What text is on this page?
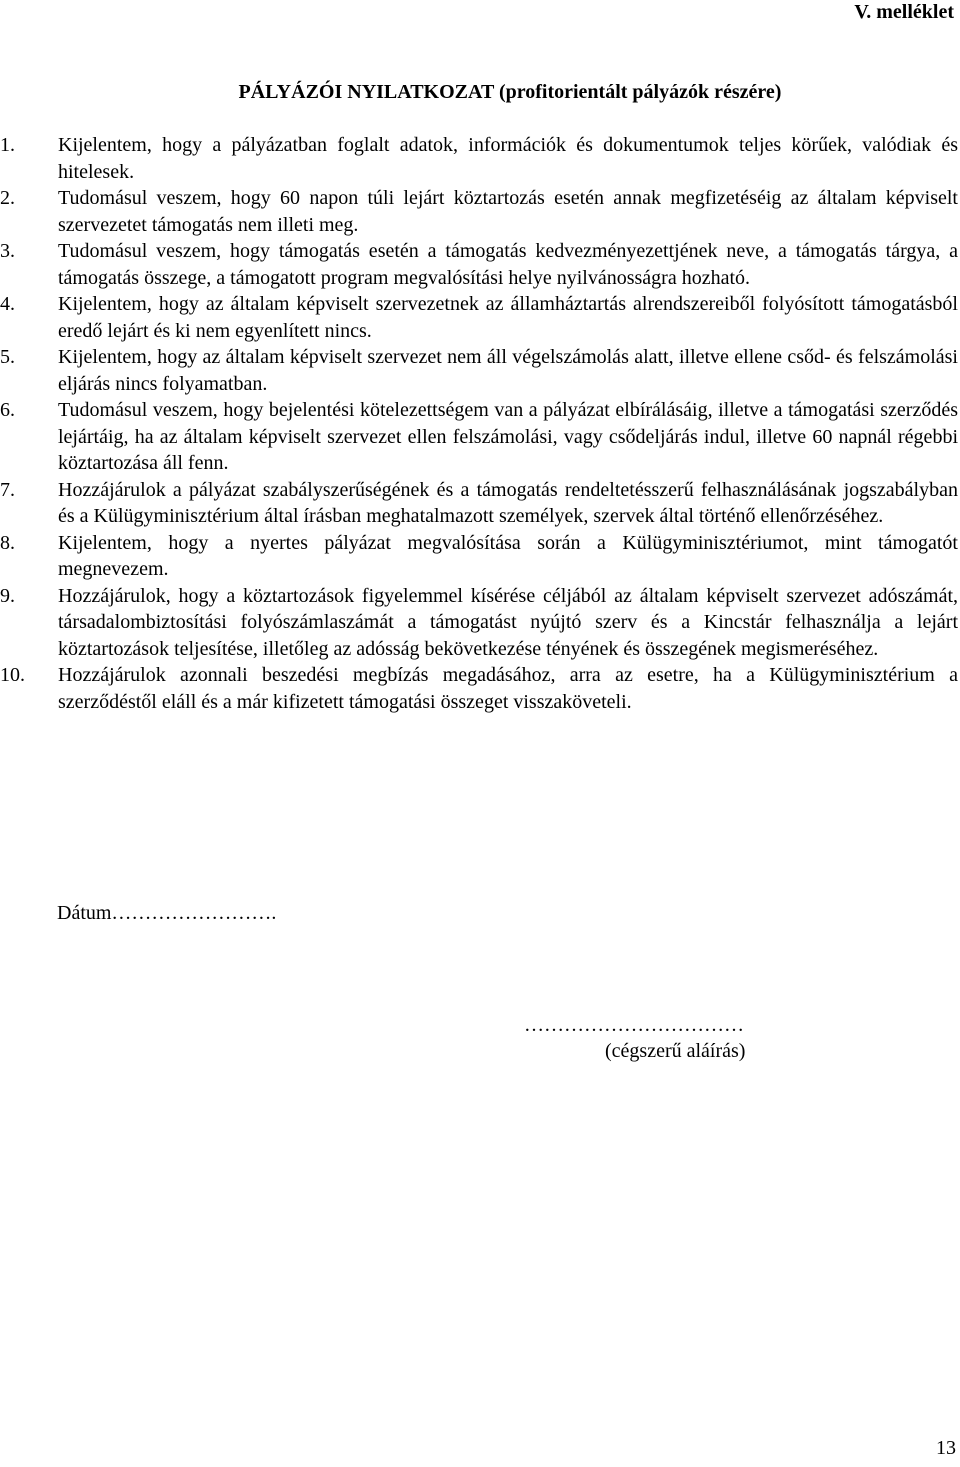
V. melléklet
PÁLYÁZÓI NYILATKOZAT (profitorientált pályázók részére)
1. Kijelentem, hogy a pályázatban foglalt adatok, információk és dokumentumok teljes körűek, valódiak és hitelesek.
2. Tudomásul veszem, hogy 60 napon túli lejárt köztartozás esetén annak megfizetéséig az általam képviselt szervezetet támogatás nem illeti meg.
3. Tudomásul veszem, hogy támogatás esetén a támogatás kedvezményezettjének neve, a támogatás tárgya, a támogatás összege, a támogatott program megvalósítási helye nyilvánosságra hozható.
4. Kijelentem, hogy az általam képviselt szervezetnek az államháztartás alrendszereiből folyósított támogatásból eredő lejárt és ki nem egyenlített nincs.
5. Kijelentem, hogy az általam képviselt szervezet nem áll végelszámolás alatt, illetve ellene csőd- és felszámolási eljárás nincs folyamatban.
6. Tudomásul veszem, hogy bejelentési kötelezettségem van a pályázat elbírálásáig, illetve a támogatási szerződés lejártáig, ha az általam képviselt szervezet ellen felszámolási, vagy csődeljárás indul, illetve 60 napnál régebbi köztartozása áll fenn.
7. Hozzájárulok a pályázat szabályszerűségének és a támogatás rendeltetésszerű felhasználásának jogszabályban és a Külügyminisztérium által írásban meghatalmazott személyek, szervek által történő ellenőrzéséhez.
8. Kijelentem, hogy a nyertes pályázat megvalósítása során a Külügyminisztériumot, mint támogatót megnevezem.
9. Hozzájárulok, hogy a köztartozások figyelemmel kísérése céljából az általam képviselt szervezet adószámát, társadalombiztosítási folyószámlaszámát a támogatást nyújtó szerv és a Kincstár felhasználja a lejárt köztartozások teljesítése, illetőleg az adósság bekövetkezése tényének és összegének megismeréséhez.
10. Hozzájárulok azonnali beszedési megbízás megadásához, arra az esetre, ha a Külügyminisztérium a szerződéstől eláll és a már kifizetett támogatási összeget visszaköveteli.
Dátum…………………….
……………………………
(cégszerű aláírás)
13
